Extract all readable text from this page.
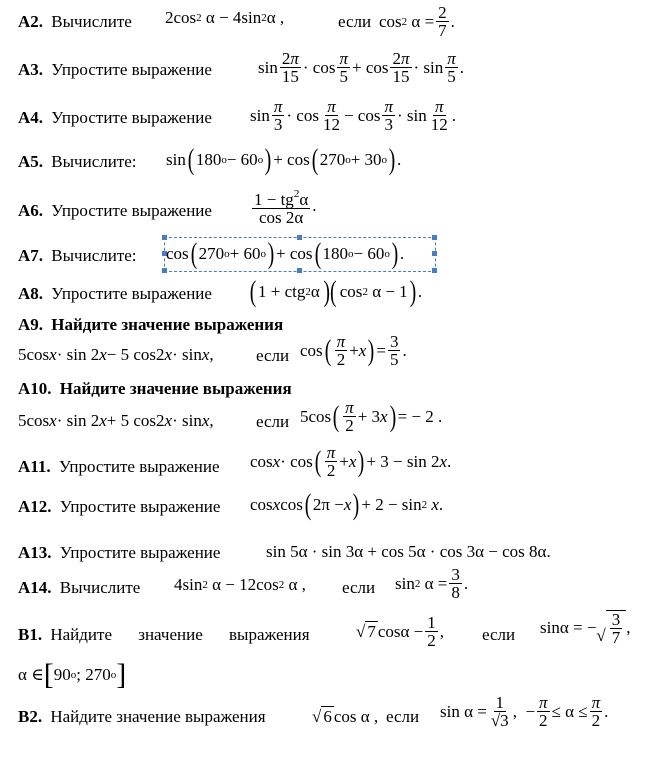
A2. Вычислите 2cos 2 α − 4sin 2 α ,	если cos 2 $\alpha = \frac{2}{7}$ .
A3. Упростите выражение	$\sin \frac{2\pi}{15} \cdot \cos \frac{\pi}{5} + \cos \frac{2\pi}{15} \cdot \sin \frac{\pi}{5}$ .
A4. Упростите выражение $\sin \frac{\pi}{3} \cdot \cos \frac{\pi}{12} - \cos \frac{\pi}{3} \cdot \sin \frac{\pi}{12}$ .
A5. Вычислите: sin ( 180 o − 60 o ) + cos ( 270 o + 30 o ) .
A6. Упростите выражение $\frac{1 - tg^2\alpha}{\cos 2\alpha}$ .
A7. Вычислите: cos ( 270 o + 60 o ) + cos ( 180 o − 60 o ) .
A8. Упростите выражение ( 1 + ctg 2 α )( cos 2 α − 1 ) .
A9. Найдите значение выражения
5cos x · sin 2 x − 5 cos2 x · sin x , если cos ( $\frac{\pi}{2} + x$ ) = $\frac{3}{5}$ .
A10. Найдите значение выражения
5cos x · sin 2 x + 5 cos2 x · sin x , если 5cos ( $\frac{\pi}{2} + 3$ x ) = − 2 .
A11. Упростите выражение cos x · cos ( $\frac{\pi}{2} + x$ ) + 3 − sin 2 x .
A12. Упростите выражение cos x cos ( 2π − x ) + 2 − sin 2
x .
A13. Упростите выражение	sin 5α · sin 3α + cos 5α · cos 3α − cos 8α.
A14. Вычислите 4sin 2 α − 12cos 2 α , если sin 2 $\alpha = \frac{3}{8}$ .
B1. Найдите значение выражения	√ 7 $\cos\alpha - \frac{1}{2}$ , если sinα = − √ $\frac{3}{7}$ ,
α ∈ [ 90 o ; 270 o ]
B2. Найдите значение выражения	√ 6 cos α , если $\sin \alpha = \frac{1}{√3}$ ,  − $\frac{\pi}{2} \le \alpha \le \frac{\pi}{2}$ .
